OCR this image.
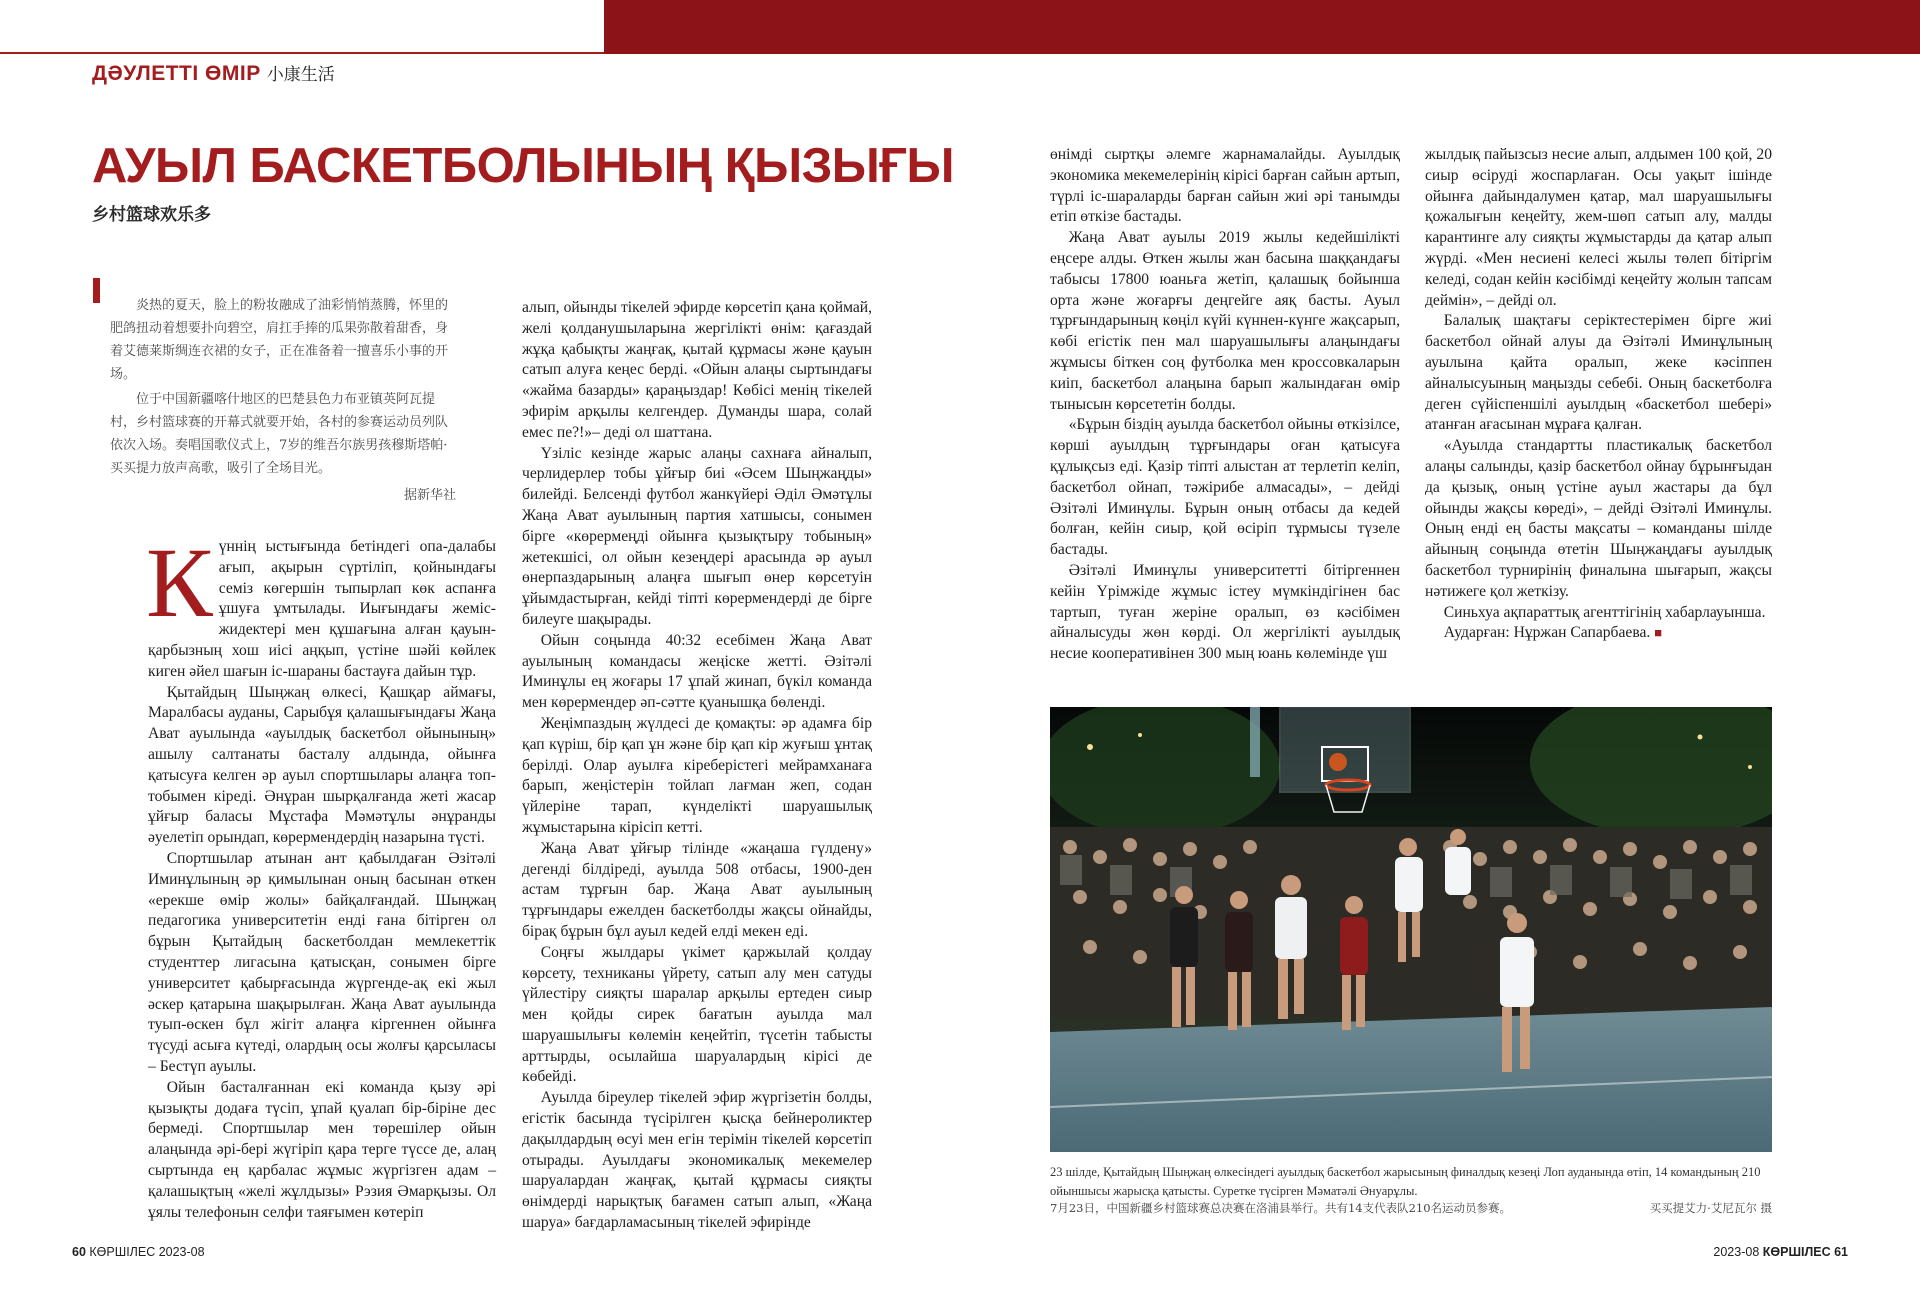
ДӘУЛЕТТІ ӨМІР 小康生活
АУЫЛ БАСКЕТБОЛЫНЫҢ ҚЫЗЫҒЫ
乡村篮球欢乐多

炎热的夏天，脸上的粉妆融成了油彩悄悄蒸腾，怀里的肥鸽扭动着想要扑向碧空，肩扛手捧的瓜果弥散着甜香，身着艾德莱斯绸连衣裙的女子，正在准备着一擅喜乐小事的开场。

位于中国新疆喀什地区的巴楚县色力布亚镇英阿瓦提村，乡村篮球赛的开幕式就要开始，各村的参赛运动员列队依次入场。奏唱国歌仪式上，7岁的维吾尔族男孩穆斯塔帕·买买提力放声高歌，吸引了全场目光。

据新华社

Күннің ыстығында бетіндегі опа-далабы ағып, ақырын сүртіліп, қойнындағы семіз көгершін тыпырлап көк аспанға ұшуға ұмтылады. Иығындағы жеміс-жидектері мен құшағына алған қауын-қарбызның хош иісі аңқып, үстіне шәйі көйлек киген әйел шағын іс-шараны бастауға дайын тұр.

Қытайдың Шыңжаң өлкесі, Қашқар аймағы, Маралбасы ауданы, Сарыбұя қалашығындағы Жаңа Ават ауылында «ауылдық баскетбол ойынының» ашылу салтанаты басталу алдында, ойынға қатысуға келген әр ауыл спортшылары алаңға топ-тобымен кіреді. Әнұран шырқалғанда жеті жасар ұйғыр баласы Мұстафа Мәмәтұлы әнұранды әуелетіп орындап, көрермендердің назарына түсті.

Спортшылар атынан ант қабылдаған Әзітәлі Иминұлының әр қимылынан оның басынан өткен «ерекше өмір жолы» байқалғандай. Шыңжаң педагогика университетін енді ғана бітірген ол бұрын Қытайдың баскетболдан мемлекеттік студенттер лигасына қатысқан, сонымен бірге университет қабырғасында жүргенде-ақ екі жыл әскер қатарына шақырылған. Жаңа Ават ауылында туып-өскен бұл жігіт алаңға кіргеннен ойынға түсуді асыға күтеді, олардың осы жолғы қарсыласы – Бестүп ауылы.

Ойын басталғаннан екі команда қызу әрі қызықты додаға түсіп, ұпай қуалап бір-біріне дес бермеді. Спортшылар мен төрешілер ойын алаңында әрі-бері жүгіріп қара терге түссе де, алаң сыртында ең қарбалас жұмыс жүргізген адам – қалашықтың «желі жұлдызы» Рэзия Әмарқызы. Ол ұялы телефонын селфи таяғымен көтеріп

алып, ойынды тікелей эфирде көрсетіп қана қоймай, желі қолданушыларына жергілікті өнім: қағаздай жұқа қабықты жаңғақ, қытай құрмасы және қауын сатып алуға кеңес берді. «Ойын алаңы сыртындағы «жайма базарды» қараңыздар! Көбісі менің тікелей эфирім арқылы келгендер. Думанды шара, солай емес пе?!»– деді ол шаттана.

Үзіліс кезінде жарыс алаңы сахнаға айналып, черлидерлер тобы ұйғыр биі «Әсем Шыңжаңды» билейді. Белсенді футбол жанкүйері Әділ Әмәтұлы Жаңа Ават ауылының партия хатшысы, сонымен бірге «көрермеңді ойынға қызықтыру тобының» жетекшісі, ол ойын кезеңдері арасында әр ауыл өнерпаздарының алаңға шығып өнер көрсетуін ұйымдастырған, кейді тіпті көрермендерді де бірге билеуге шақырады.

Ойын соңында 40:32 есебімен Жаңа Ават ауылының командасы жеңіске жетті. Әзітәлі Иминұлы ең жоғары 17 ұпай жинап, бүкіл команда мен көрермендер әп-сәтте қуанышқа бөленді.

Жеңімпаздың жүлдесі де қомақты: әр адамға бір қап күріш, бір қап ұн және бір қап кір жуғыш ұнтақ берілді. Олар ауылға кіреберістегі мейрамханаға барып, жеңістерін тойлап лағман жеп, содан үйлеріне тарап, күнделікті шаруашылық жұмыстарына кірісіп кетті.

Жаңа Ават ұйғыр тілінде «жаңаша гүлдену» дегенді білдіреді, ауылда 508 отбасы, 1900-ден астам тұрғын бар. Жаңа Ават ауылының тұрғындары ежелден баскетболды жақсы ойнайды, бірақ бұрын бұл ауыл кедей елді мекен еді.

Соңғы жылдары үкімет қаржылай қолдау көрсету, техниканы үйрету, сатып алу мен сатуды үйлестіру сияқты шаралар арқылы ертеден сиыр мен қойды сирек бағатын ауылда мал шаруашылығы көлемін кеңейтіп, түсетін табысты арттырды, осылайша шаруалардың кірісі де көбейді.

Ауылда біреулер тікелей эфир жүргізетін болды, егістік басында түсірілген қысқа бейнероликтер дақылдардың өсуі мен егін терімін тікелей көрсетіп отырады. Ауылдағы экономикалық мекемелер шаруалардан жаңғақ, қытай құрмасы сияқты өнімдерді нарықтық бағамен сатып алып, «Жаңа шаруа» бағдарламасының тікелей эфирінде

өнімді сыртқы әлемге жарнамалайды. Ауылдық экономика мекемелерінің кірісі барған сайын артып, түрлі іс-шараларды барған сайын жиі әрі танымды етіп өткізе бастады.

Жаңа Ават ауылы 2019 жылы кедейшілікті еңсере алды. Өткен жылы жан басына шаққандағы табысы 17800 юаньға жетіп, қалашық бойынша орта және жоғарғы деңгейге аяқ басты. Ауыл тұрғындарының көңіл күйі күннен-күнге жақсарып, көбі егістік пен мал шаруашылығы алаңындағы жұмысы біткен соң футболка мен кроссовкаларын киіп, баскетбол алаңына барып жалындаған өмір тынысын көрсететін болды.

«Бұрын біздің ауылда баскетбол ойыны өткізілсе, көрші ауылдың тұрғындары оған қатысуға құлықсыз еді. Қазір тіпті алыстан ат терлетіп келіп, баскетбол ойнап, тәжірибе алмасады», – дейді Әзітәлі Иминұлы. Бұрын оның отбасы да кедей болған, кейін сиыр, қой өсіріп тұрмысы түзеле бастады.

Әзітәлі Иминұлы университетті бітіргеннен кейін Үрімжіде жұмыс істеу мүмкіндігінен бас тартып, туған жеріне оралып, өз кәсібімен айналысуды жөн көрді. Ол жергілікті ауылдық несие кооперативінен 300 мың юань көлемінде үш

жылдық пайызсыз несие алып, алдымен 100 қой, 20 сиыр өсіруді жоспарлаған. Осы уақыт ішінде ойынға дайындалумен қатар, мал шаруашылығы қожалығын кеңейту, жем-шөп сатып алу, малды карантинге алу сияқты жұмыстарды да қатар алып жүрді. «Мен несиені келесі жылы төлеп бітіргім келеді, содан кейін кәсібімді кеңейту жолын тапсам деймін», – дейді ол.

Балалық шақтағы серіктестерімен бірге жиі баскетбол ойнай алуы да Әзітәлі Иминұлының ауылына қайта оралып, жеке кәсіппен айналысуының маңызды себебі. Оның баскетболға деген сүйіспеншілі ауылдың «баскетбол шебері» атанған ағасынан мұраға қалған.

«Ауылда стандартты пластикалық баскетбол алаңы салынды, қазір баскетбол ойнау бұрынғыдан да қызық, оның үстіне ауыл жастары да бұл ойынды жақсы көреді», – дейді Әзітәлі Иминұлы. Оның енді ең басты мақсаты – команданы шілде айының соңында өтетін Шыңжаңдағы ауылдық баскетбол турнирінің финалына шығарып, жақсы нәтижеге қол жеткізу.

Синьхуа ақпараттық агенттігінің хабарлауынша.

Аударған: Нұржан Сапарбаева. ■

23 шілде, Қытайдың Шыңжаң өлкесіндегі ауылдық баскетбол жарысының финалдық кезеңі Лоп ауданында өтіп, 14 командының 210 ойыншысы жарысқа қатысты. Суретке түсірген Мәматәлі Әнуарұлы.
7月23日，中国新疆乡村篮球赛总决赛在洛浦县举行。共有14支代表队210名运动员参赛。	买买提艾力·艾尼瓦尔 摄
60 КӨРШІЛЕС 2023-08	2023-08 КӨРШІЛЕС 61
